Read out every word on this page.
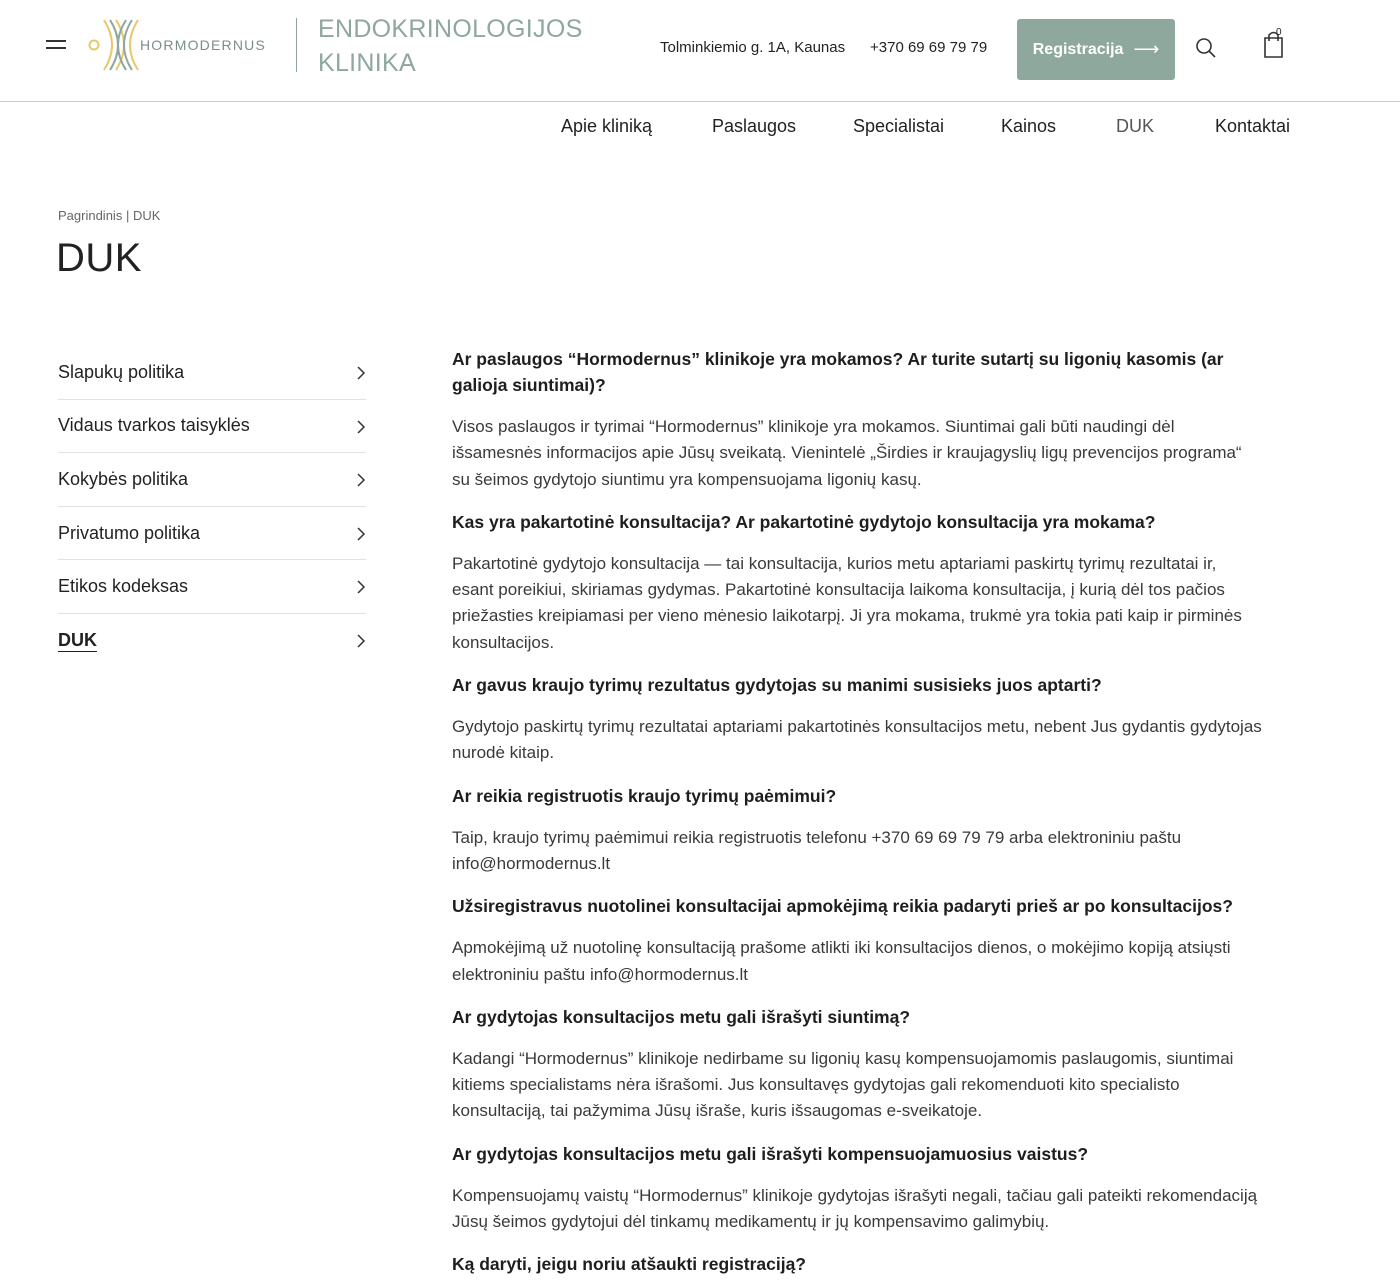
HORMODERNUS
ENDOKRINOLOGIJOS
KLINIKA
Tolminkiemio g. 1A, Kaunas +370 69 69 79 79	Registracija ⟶
0
Apie kliniką	Paslaugos	Specialistai	Kainos	DUK	Kontaktai
Pagrindinis | DUK
DUK
Slapukų politika
Vidaus tvarkos taisyklės
Kokybės politika
Privatumo politika
Etikos kodeksas
DUK

Ar paslaugos “Hormodernus” klinikoje yra mokamos? Ar turite sutartį su ligonių kasomis (ar galioja siuntimai)?

Visos paslaugos ir tyrimai “Hormodernus” klinikoje yra mokamos. Siuntimai gali būti naudingi dėl išsamesnės informacijos apie Jūsų sveikatą. Vienintelė „Širdies ir kraujagyslių ligų prevencijos programa“ su šeimos gydytojo siuntimu yra kompensuojama ligonių kasų.

Kas yra pakartotinė konsultacija? Ar pakartotinė gydytojo konsultacija yra mokama?

Pakartotinė gydytojo konsultacija — tai konsultacija, kurios metu aptariami paskirtų tyrimų rezultatai ir, esant poreikiui, skiriamas gydymas. Pakartotinė konsultacija laikoma konsultacija, į kurią dėl tos pačios priežasties kreipiamasi per vieno mėnesio laikotarpį. Ji yra mokama, trukmė yra tokia pati kaip ir pirminės konsultacijos.

Ar gavus kraujo tyrimų rezultatus gydytojas su manimi susisieks juos aptarti?

Gydytojo paskirtų tyrimų rezultatai aptariami pakartotinės konsultacijos metu, nebent Jus gydantis gydytojas nurodė kitaip.

Ar reikia registruotis kraujo tyrimų paėmimui?

Taip, kraujo tyrimų paėmimui reikia registruotis telefonu +370 69 69 79 79 arba elektroniniu paštu info@hormodernus.lt

Užsiregistravus nuotolinei konsultacijai apmokėjimą reikia padaryti prieš ar po konsultacijos?

Apmokėjimą už nuotolinę konsultaciją prašome atlikti iki konsultacijos dienos, o mokėjimo kopiją atsiųsti elektroniniu paštu info@hormodernus.lt

Ar gydytojas konsultacijos metu gali išrašyti siuntimą?

Kadangi “Hormodernus” klinikoje nedirbame su ligonių kasų kompensuojamomis paslaugomis, siuntimai kitiems specialistams nėra išrašomi. Jus konsultavęs gydytojas gali rekomenduoti kito specialisto konsultaciją, tai pažymima Jūsų išraše, kuris išsaugomas e-sveikatoje.

Ar gydytojas konsultacijos metu gali išrašyti kompensuojamuosius vaistus?

Kompensuojamų vaistų “Hormodernus” klinikoje gydytojas išrašyti negali, tačiau gali pateikti rekomendaciją Jūsų šeimos gydytojui dėl tinkamų medikamentų ir jų kompensavimo galimybių.

Ką daryti, jeigu noriu atšaukti registraciją?
